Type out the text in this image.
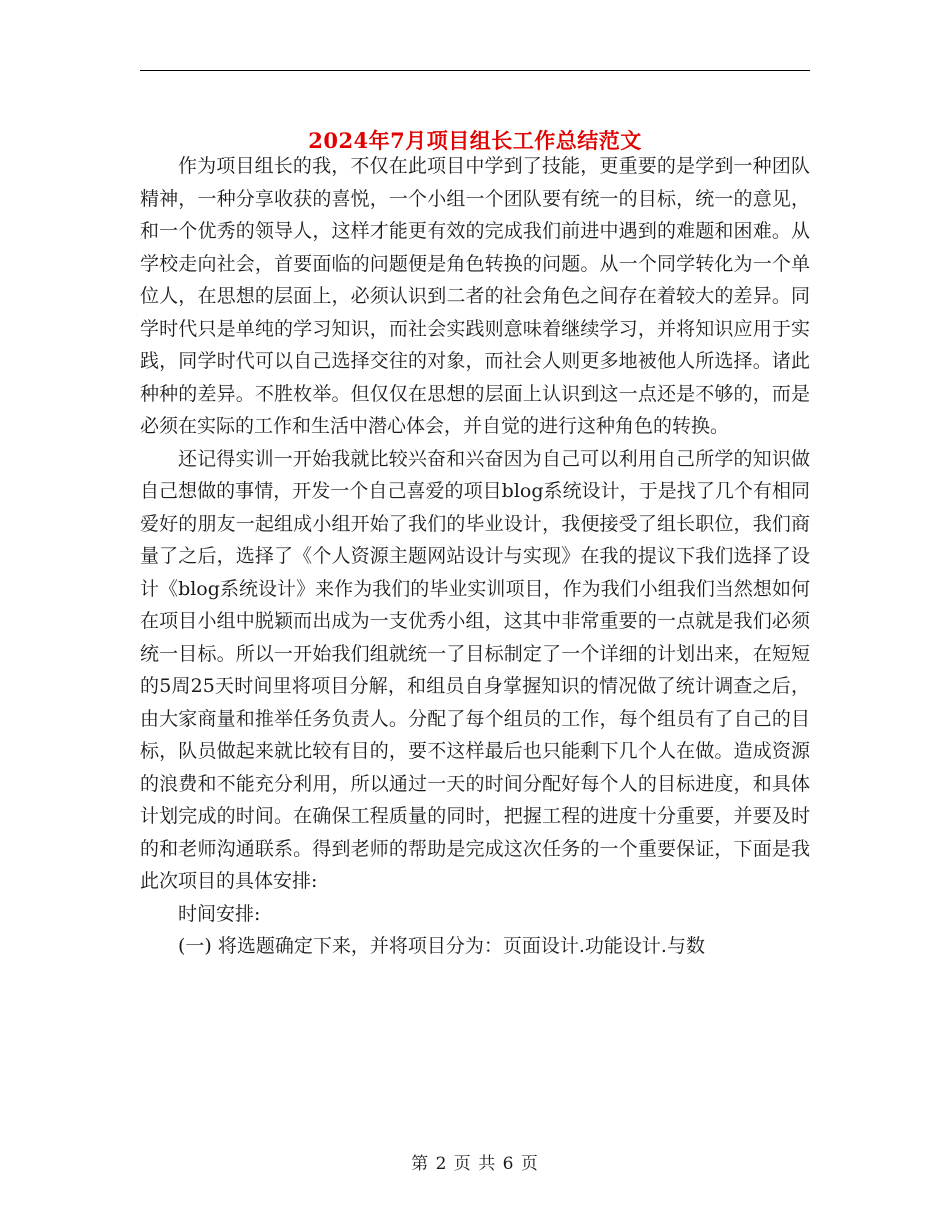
2024年7月项目组长工作总结范文

作为项目组长的我，不仅在此项目中学到了技能，更重要的是学到一种团队精神，一种分享收获的喜悦，一个小组一个团队要有统一的目标，统一的意见，和一个优秀的领导人，这样才能更有效的完成我们前进中遇到的难题和困难。从学校走向社会，首要面临的问题便是角色转换的问题。从一个同学转化为一个单位人，在思想的层面上，必须认识到二者的社会角色之间存在着较大的差异。同学时代只是单纯的学习知识，而社会实践则意味着继续学习，并将知识应用于实践，同学时代可以自己选择交往的对象，而社会人则更多地被他人所选择。诸此种种的差异。不胜枚举。但仅仅在思想的层面上认识到这一点还是不够的，而是必须在实际的工作和生活中潜心体会，并自觉的进行这种角色的转换。

还记得实训一开始我就比较兴奋和兴奋因为自己可以利用自己所学的知识做自己想做的事情，开发一个自己喜爱的项目blog系统设计，于是找了几个有相同爱好的朋友一起组成小组开始了我们的毕业设计，我便接受了组长职位，我们商量了之后，选择了《个人资源主题网站设计与实现》在我的提议下我们选择了设计《blog系统设计》来作为我们的毕业实训项目，作为我们小组我们当然想如何在项目小组中脱颖而出成为一支优秀小组，这其中非常重要的一点就是我们必须统一目标。所以一开始我们组就统一了目标制定了一个详细的计划出来，在短短的5周25天时间里将项目分解，和组员自身掌握知识的情况做了统计调查之后，由大家商量和推举任务负责人。分配了每个组员的工作，每个组员有了自己的目标，队员做起来就比较有目的，要不这样最后也只能剩下几个人在做。造成资源的浪费和不能充分利用，所以通过一天的时间分配好每个人的目标进度，和具体计划完成的时间。在确保工程质量的同时，把握工程的进度十分重要，并要及时的和老师沟通联系。得到老师的帮助是完成这次任务的一个重要保证，下面是我此次项目的具体安排:

时间安排:

(一) 将选题确定下来，并将项目分为：页面设计.功能设计.与数

第 2 页 共 6 页
